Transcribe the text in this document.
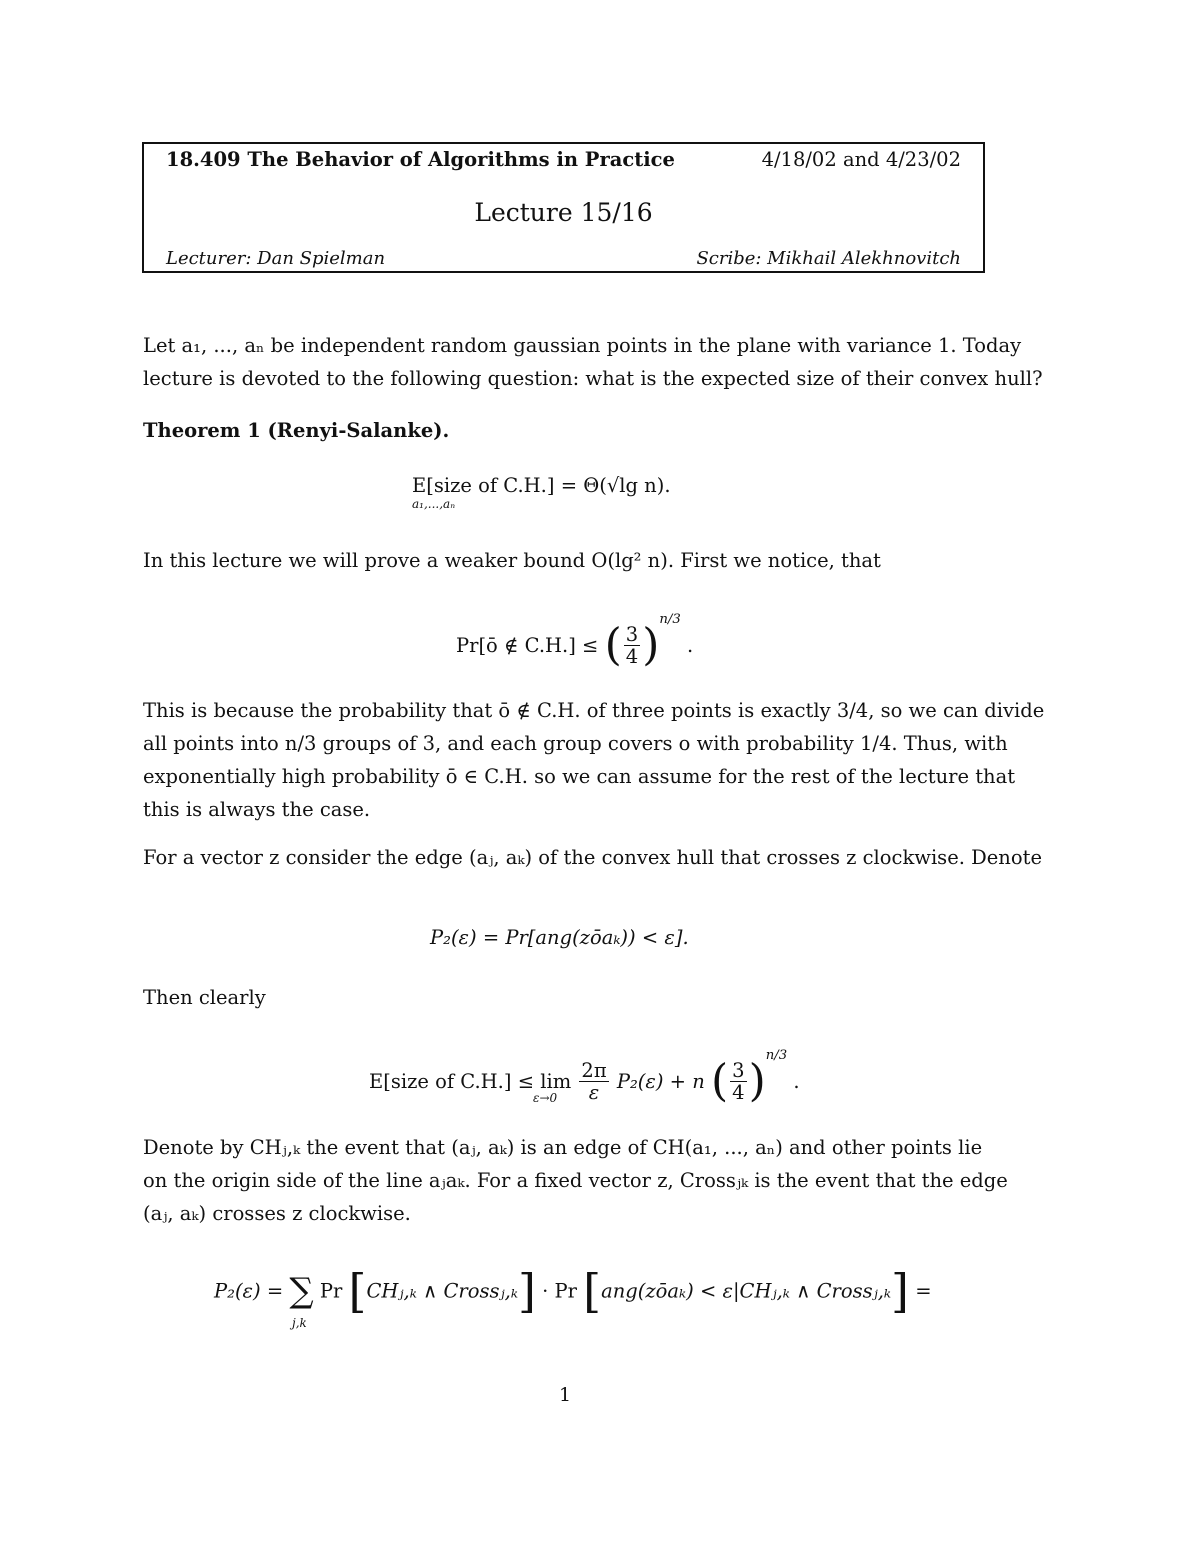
18.409 The Behavior of Algorithms in Practice	4/18/02 and 4/23/02
Lecture 15/16
Lecturer: Dan Spielman	Scribe: Mikhail Alekhnovitch
Let a₁, ..., aₙ be independent random gaussian points in the plane with variance 1. Today
lecture is devoted to the following question: what is the expected size of their convex hull?
Theorem 1 (Renyi-Salanke).
E[size of C.H.] = Θ(√lg n).
a₁,...,aₙ
In this lecture we will prove a weaker bound O(lg² n). First we notice, that
Pr[ō ∉ C.H.] ≤ ( $\frac{3}{4} )^{n/3}$ .
This is because the probability that ō ∉ C.H. of three points is exactly 3/4, so we can divide
all points into n/3 groups of 3, and each group covers o with probability 1/4. Thus, with
exponentially high probability ō ∈ C.H. so we can assume for the rest of the lecture that
this is always the case.
For a vector z consider the edge (aⱼ, aₖ) of the convex hull that crosses z clockwise. Denote
P₂(ε) = Pr[ang(zōaₖ)) < ε].
Then clearly
E[size of $C.H.] \le \lim \frac{2\pi}{\varepsilon} P_2(\varepsilon) + n$ ( $\frac{3}{4} )^{n/3}$ .
ε→0
Denote by CHⱼ,ₖ the event that (aⱼ, aₖ) is an edge of CH(a₁, ..., aₙ) and other points lie
on the origin side of the line aⱼaₖ. For a fixed vector z, Crossⱼₖ is the event that the edge
(aⱼ, aₖ) crosses z clockwise.
P₂(ε) = ∑ Pr [CHⱼ,ₖ ∧ Crossⱼ,ₖ] · Pr [ang(zōaₖ) < ε|CHⱼ,ₖ ∧ Crossⱼ,ₖ] =
j,k
1
